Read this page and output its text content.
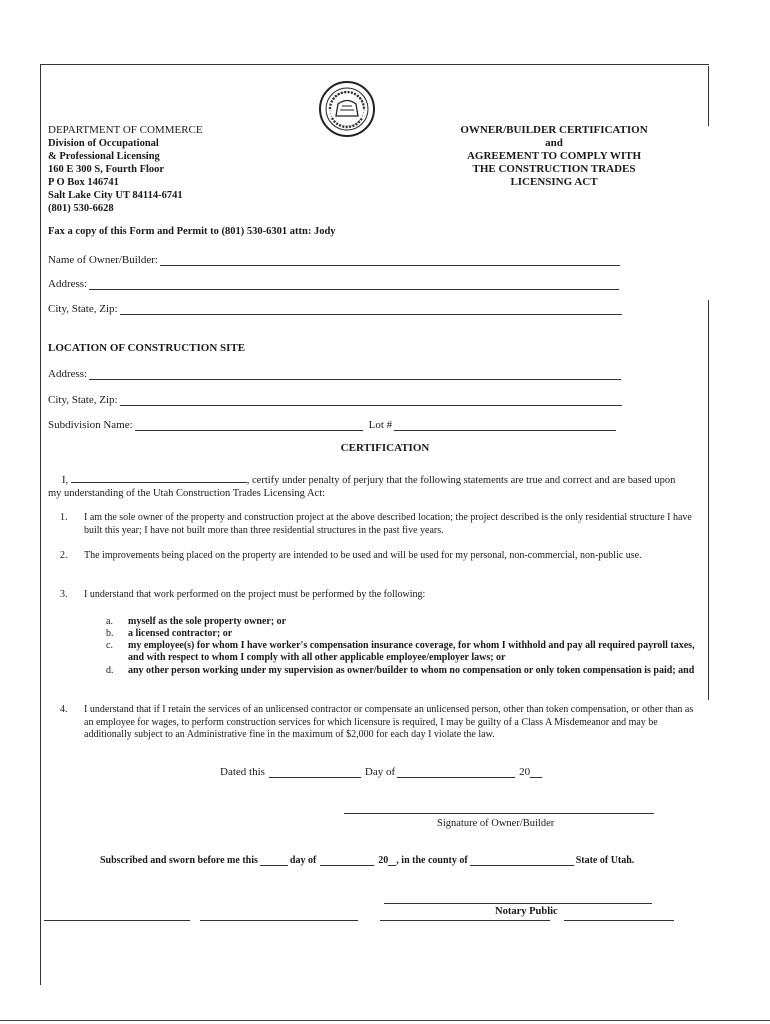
DEPARTMENT OF COMMERCE
Division of Occupational
& Professional Licensing
160 E 300 S, Fourth Floor
P O Box 146741
Salt Lake City UT 84114-6741
(801) 530-6628
OWNER/BUILDER CERTIFICATION
and
AGREEMENT TO COMPLY WITH
THE CONSTRUCTION TRADES
LICENSING ACT
Fax a copy of this Form and Permit to (801) 530-6301 attn: Jody
Name of Owner/Builder:
Address:
City, State, Zip:
LOCATION OF CONSTRUCTION SITE
Address:
City, State, Zip:
Subdivision Name:	Lot #
CERTIFICATION
I,	, certify under penalty of perjury that the following statements are true and correct and are based upon
my understanding of the Utah Construction Trades Licensing Act:
1.	I am the sole owner of the property and construction project at the above described location; the project described is the only residential structure I have built this year; I have not built more than three residential structures in the past five years.
2.	The improvements being placed on the property are intended to be used and will be used for my personal, non-commercial, non-public use.
3.	I understand that work performed on the project must be performed by the following:
a.	myself as the sole property owner; or
b.	a licensed contractor; or
c.	my employee(s) for whom I have worker's compensation insurance coverage, for whom I withhold and pay all required payroll taxes, and with respect to whom I comply with all other applicable employee/employer laws; or
d.	any other person working under my supervision as owner/builder to whom no compensation or only token compensation is paid; and
4.	I understand that if I retain the services of an unlicensed contractor or compensate an unlicensed person, other than token compensation, or other than as an employee for wages, to perform construction services for which licensure is required, I may be guilty of a Class A Misdemeanor and may be additionally subject to an Administrative fine in the maximum of $2,000 for each day I violate the law.
Dated this	Day of	20
Signature of Owner/Builder
Subscribed and sworn before me this	day of	20 , in the county of	State of Utah.
Notary Public
